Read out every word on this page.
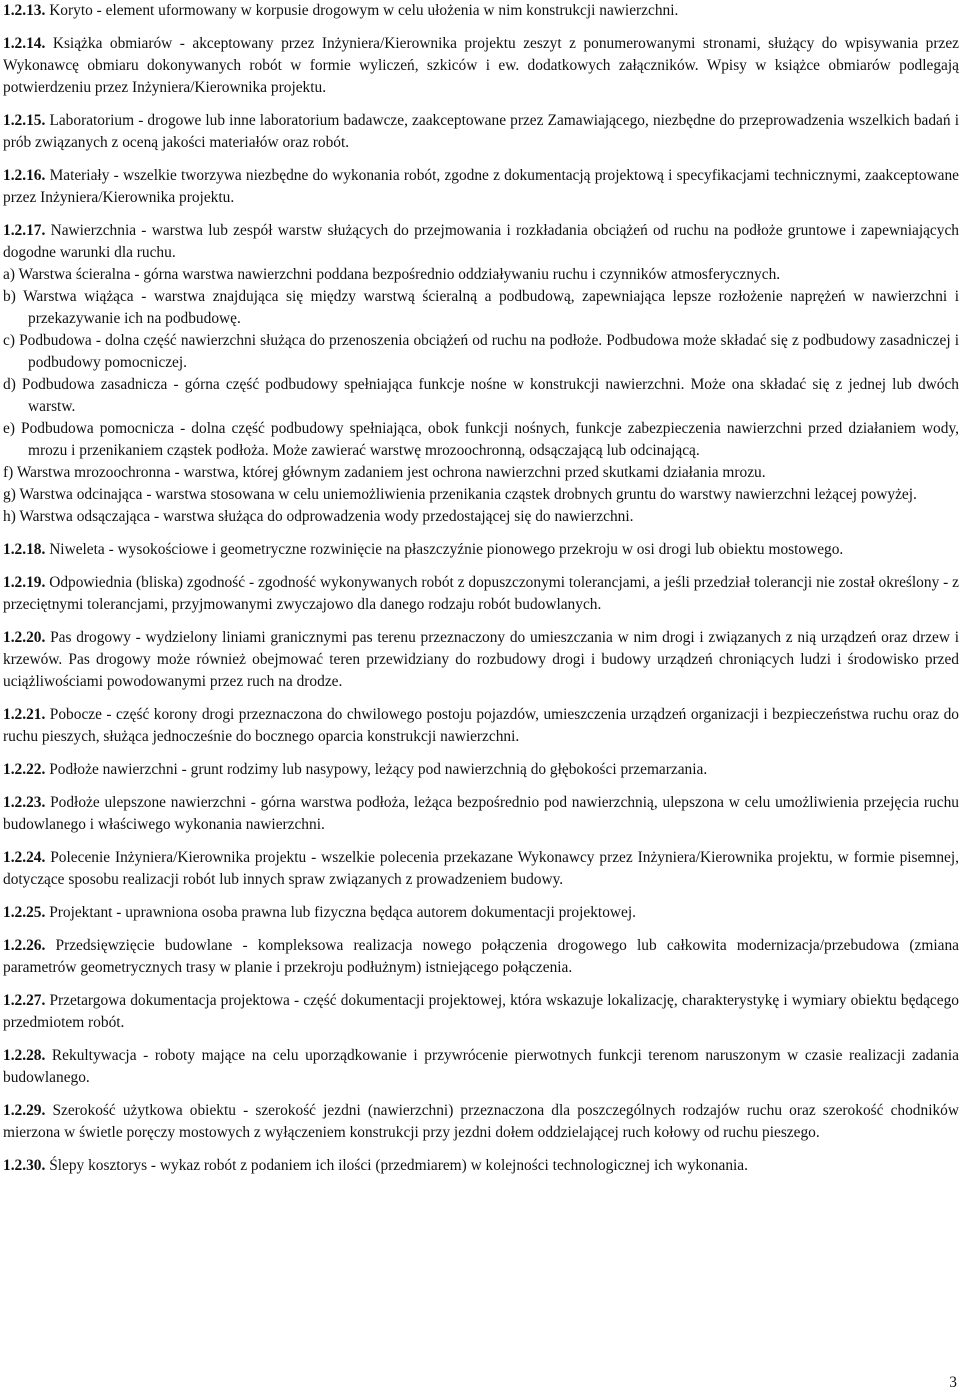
1.2.13. Koryto - element uformowany w korpusie drogowym w celu ułożenia w nim konstrukcji nawierzchni.

1.2.14. Książka obmiarów - akceptowany przez Inżyniera/Kierownika projektu zeszyt z ponumerowanymi stronami, służący do wpisywania przez Wykonawcę obmiaru dokonywanych robót w formie wyliczeń, szkiców i ew. dodatkowych załączników. Wpisy w książce obmiarów podlegają potwierdzeniu przez Inżyniera/Kierownika projektu.

1.2.15. Laboratorium - drogowe lub inne laboratorium badawcze, zaakceptowane przez Zamawiającego, niezbędne do przeprowadzenia wszelkich badań i prób związanych z oceną jakości materiałów oraz robót.

1.2.16. Materiały - wszelkie tworzywa niezbędne do wykonania robót, zgodne z dokumentacją projektową i specyfikacjami technicznymi, zaakceptowane przez Inżyniera/Kierownika projektu.

1.2.17. Nawierzchnia - warstwa lub zespół warstw służących do przejmowania i rozkładania obciążeń od ruchu na podłoże gruntowe i zapewniających dogodne warunki dla ruchu.

a) Warstwa ścieralna - górna warstwa nawierzchni poddana bezpośrednio oddziaływaniu ruchu i czynników atmosferycznych.

b) Warstwa wiążąca - warstwa znajdująca się między warstwą ścieralną a podbudową, zapewniająca lepsze rozłożenie naprężeń w nawierzchni i przekazywanie ich na podbudowę.

c) Podbudowa - dolna część nawierzchni służąca do przenoszenia obciążeń od ruchu na podłoże. Podbudowa może składać się z podbudowy zasadniczej i podbudowy pomocniczej.

d) Podbudowa zasadnicza - górna część podbudowy spełniająca funkcje nośne w konstrukcji nawierzchni. Może ona składać się z jednej lub dwóch warstw.

e) Podbudowa pomocnicza - dolna część podbudowy spełniająca, obok funkcji nośnych, funkcje zabezpieczenia nawierzchni przed działaniem wody, mrozu i przenikaniem cząstek podłoża. Może zawierać warstwę mrozoochronną, odsączającą lub odcinającą.

f) Warstwa mrozoochronna - warstwa, której głównym zadaniem jest ochrona nawierzchni przed skutkami działania mrozu.

g) Warstwa odcinająca - warstwa stosowana w celu uniemożliwienia przenikania cząstek drobnych gruntu do warstwy nawierzchni leżącej powyżej.

h) Warstwa odsączająca - warstwa służąca do odprowadzenia wody przedostającej się do nawierzchni.

1.2.18. Niweleta - wysokościowe i geometryczne rozwinięcie na płaszczyźnie pionowego przekroju w osi drogi lub obiektu mostowego.

1.2.19. Odpowiednia (bliska) zgodność - zgodność wykonywanych robót z dopuszczonymi tolerancjami, a jeśli przedział tolerancji nie został określony - z przeciętnymi tolerancjami, przyjmowanymi zwyczajowo dla danego rodzaju robót budowlanych.

1.2.20. Pas drogowy - wydzielony liniami granicznymi pas terenu przeznaczony do umieszczania w nim drogi i związanych z nią urządzeń oraz drzew i krzewów. Pas drogowy może również obejmować teren przewidziany do rozbudowy drogi i budowy urządzeń chroniących ludzi i środowisko przed uciążliwościami powodowanymi przez ruch na drodze.

1.2.21. Pobocze - część korony drogi przeznaczona do chwilowego postoju pojazdów, umieszczenia urządzeń organizacji i bezpieczeństwa ruchu oraz do ruchu pieszych, służąca jednocześnie do bocznego oparcia konstrukcji nawierzchni.

1.2.22. Podłoże nawierzchni - grunt rodzimy lub nasypowy, leżący pod nawierzchnią do głębokości przemarzania.

1.2.23. Podłoże ulepszone nawierzchni - górna warstwa podłoża, leżąca bezpośrednio pod nawierzchnią, ulepszona w celu umożliwienia przejęcia ruchu budowlanego i właściwego wykonania nawierzchni.

1.2.24. Polecenie Inżyniera/Kierownika projektu - wszelkie polecenia przekazane Wykonawcy przez Inżyniera/Kierownika projektu, w formie pisemnej, dotyczące sposobu realizacji robót lub innych spraw związanych z prowadzeniem budowy.

1.2.25. Projektant - uprawniona osoba prawna lub fizyczna będąca autorem dokumentacji projektowej.

1.2.26. Przedsięwzięcie budowlane - kompleksowa realizacja nowego połączenia drogowego lub całkowita modernizacja/przebudowa (zmiana parametrów geometrycznych trasy w planie i przekroju podłużnym) istniejącego połączenia.

1.2.27. Przetargowa dokumentacja projektowa - część dokumentacji projektowej, która wskazuje lokalizację, charakterystykę i wymiary obiektu będącego przedmiotem robót.

1.2.28. Rekultywacja - roboty mające na celu uporządkowanie i przywrócenie pierwotnych funkcji terenom naruszonym w czasie realizacji zadania budowlanego.

1.2.29. Szerokość użytkowa obiektu - szerokość jezdni (nawierzchni) przeznaczona dla poszczególnych rodzajów ruchu oraz szerokość chodników mierzona w świetle poręczy mostowych z wyłączeniem konstrukcji przy jezdni dołem oddzielającej ruch kołowy od ruchu pieszego.

1.2.30. Ślepy kosztorys - wykaz robót z podaniem ich ilości (przedmiarem) w kolejności technologicznej ich wykonania.

3
